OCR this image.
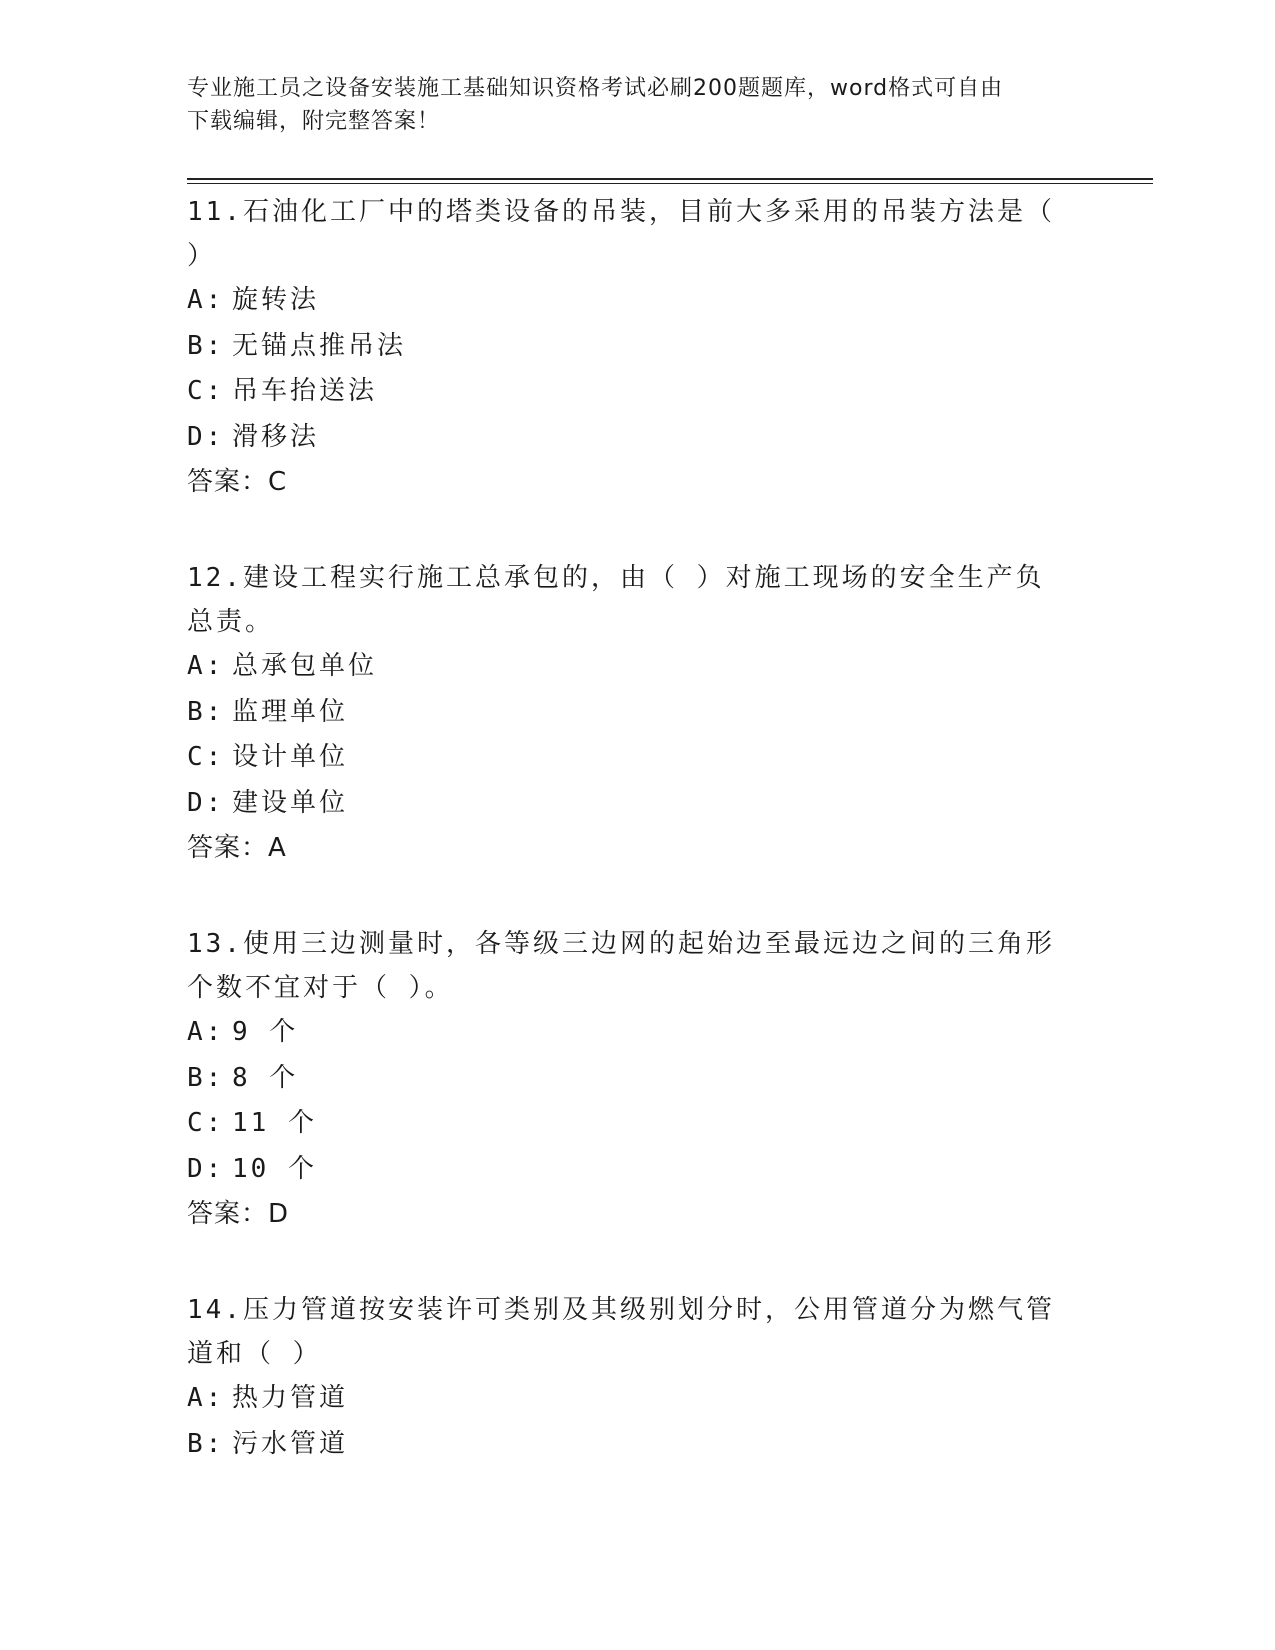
专业施工员之设备安装施工基础知识资格考试必刷200题题库，word格式可自由
下载编辑，附完整答案！

11.石油化工厂中的塔类设备的吊装，目前大多采用的吊装方法是（ ）

A: 旋转法
B: 无锚点推吊法
C: 吊车抬送法
D: 滑移法
答案：C

12.建设工程实行施工总承包的，由（ ）对施工现场的安全生产负总责。

A: 总承包单位
B: 监理单位
C: 设计单位
D: 建设单位
答案：A

13.使用三边测量时，各等级三边网的起始边至最远边之间的三角形个数不宜对于（ ）。

A: 9 个
B: 8 个
C: 11 个
D: 10 个
答案：D

14.压力管道按安装许可类别及其级别划分时，公用管道分为燃气管道和（ ）

A: 热力管道
B: 污水管道
